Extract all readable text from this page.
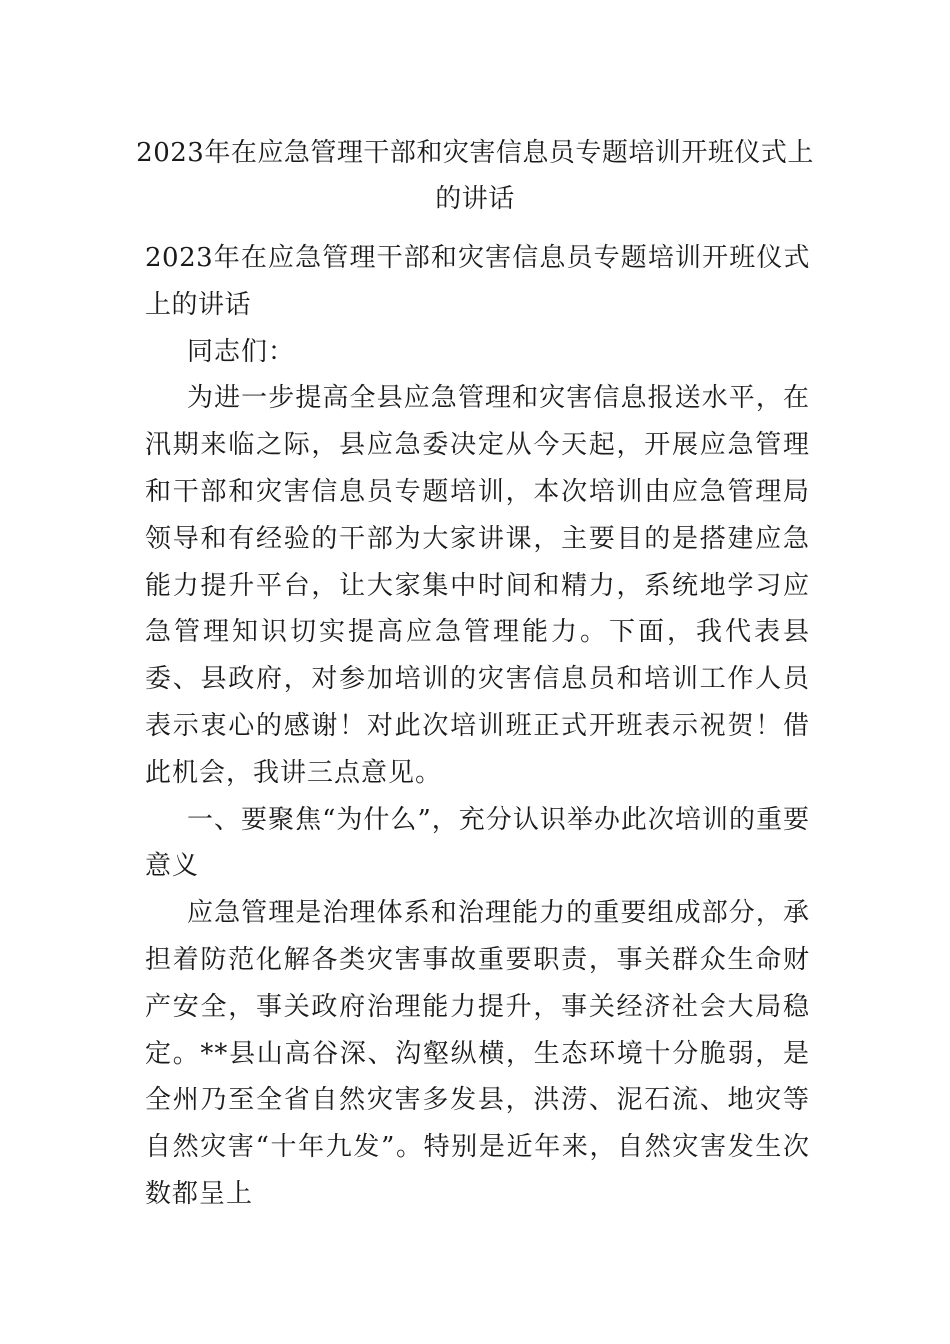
2023年在应急管理干部和灾害信息员专题培训开班仪式上的讲话

2023年在应急管理干部和灾害信息员专题培训开班仪式上的讲话

同志们：

为进一步提高全县应急管理和灾害信息报送水平，在汛期来临之际，县应急委决定从今天起，开展应急管理和干部和灾害信息员专题培训，本次培训由应急管理局领导和有经验的干部为大家讲课，主要目的是搭建应急能力提升平台，让大家集中时间和精力，系统地学习应急管理知识切实提高应急管理能力。下面，我代表县委、县政府，对参加培训的灾害信息员和培训工作人员表示衷心的感谢！对此次培训班正式开班表示祝贺！借此机会，我讲三点意见。

一、要聚焦“为什么”，充分认识举办此次培训的重要意义

应急管理是治理体系和治理能力的重要组成部分，承担着防范化解各类灾害事故重要职责，事关群众生命财产安全，事关政府治理能力提升，事关经济社会大局稳定。**县山高谷深、沟壑纵横，生态环境十分脆弱，是全州乃至全省自然灾害多发县，洪涝、泥石流、地灾等自然灾害“十年九发”。特别是近年来，自然灾害发生次数都呈上
